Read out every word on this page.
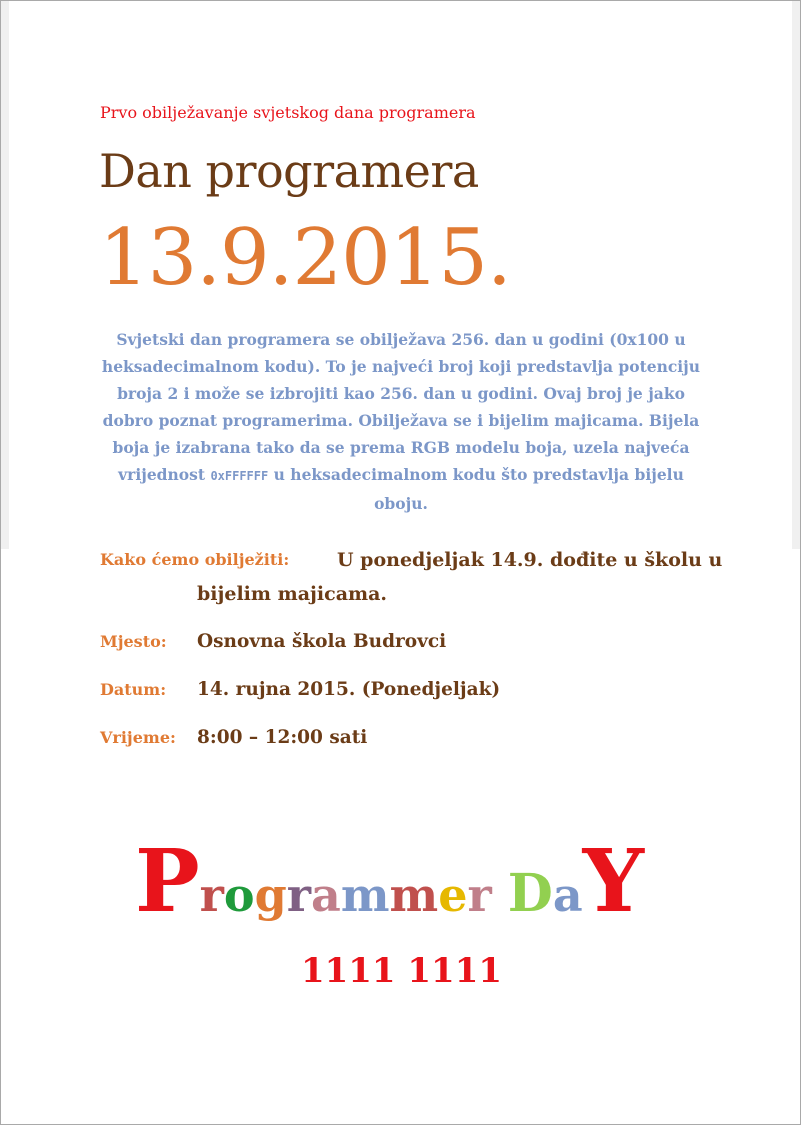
Prvo obilježavanje svjetskog dana programera
Dan programera
13.9.2015.
Svjetski dan programera se obilježava 256. dan u godini (0x100 u heksadecimalnom kodu). To je najveći broj koji predstavlja potenciju broja 2 i može se izbrojiti kao 256. dan u godini. Ovaj broj je jako dobro poznat programerima. Obilježava se i bijelim majicama. Bijela boja je izabrana tako da se prema RGB modelu boja, uzela najveća vrijednost 0xFFFFFF u heksadecimalnom kodu što predstavlja bijelu oboju.
Kako ćemo obilježiti:	U ponedjeljak 14.9. dođite u školu u
bijelim majicama.
Mjesto: Osnovna škola Budrovci
Datum: 14. rujna 2015. (Ponedjeljak)
Vrijeme: 8:00 – 12:00 sati
Programmer DaY
1111 1111
